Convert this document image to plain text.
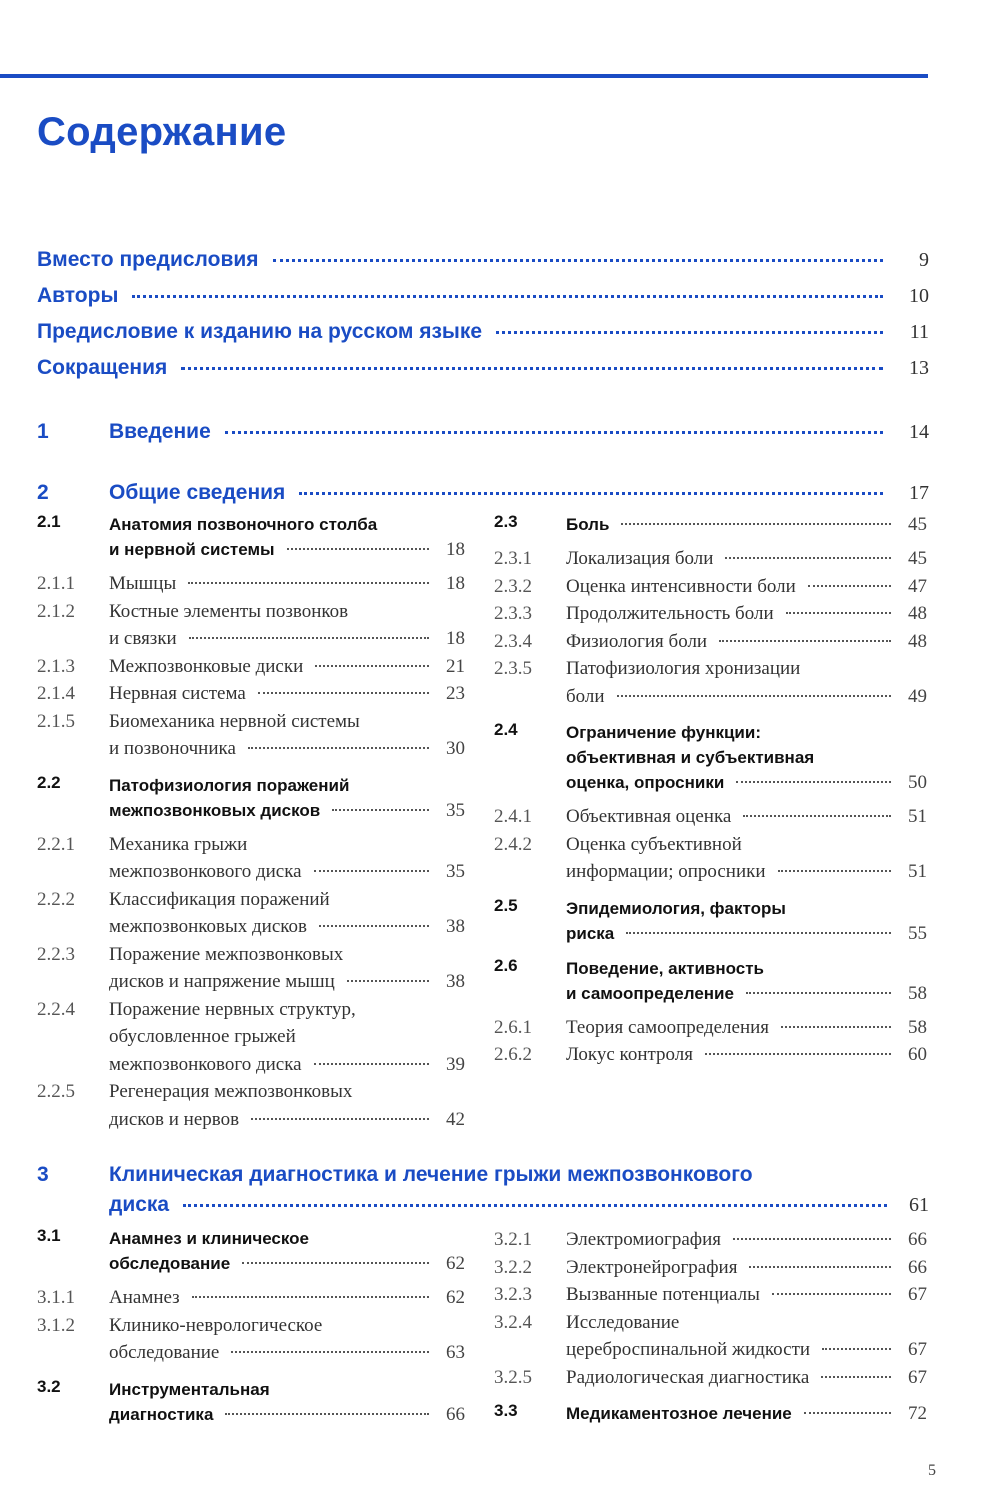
Содержание
Вместо предисловия	9
Авторы	10
Предисловие к изданию на русском языке	11
Сокращения	13
1	Введение	14
2	Общие сведения	17
2.1	Анатомия позвоночного столба
и нервной системы	18
2.1.1	Мышцы	18
2.1.2	Костные элементы позвонков
и связки	18
2.1.3	Межпозвонковые диски	21
2.1.4	Нервная система	23
2.1.5	Биомеханика нервной системы
и позвоночника	30
2.2	Патофизиология поражений
межпозвонковых дисков	35
2.2.1	Механика грыжи
межпозвонкового диска	35
2.2.2	Классификация поражений
межпозвонковых дисков	38
2.2.3	Поражение межпозвонковых
дисков и напряжение мышц	38
2.2.4	Поражение нервных структур,
обусловленное грыжей
межпозвонкового диска	39
2.2.5	Регенерация межпозвонковых
дисков и нервов	42
2.3	Боль	45
2.3.1	Локализация боли	45
2.3.2	Оценка интенсивности боли	47
2.3.3	Продолжительность боли	48
2.3.4	Физиология боли	48
2.3.5	Патофизиология хронизации
боли	49
2.4	Ограничение функции:
объективная и субъективная
оценка, опросники	50
2.4.1	Объективная оценка	51
2.4.2	Оценка субъективной
информации; опросники	51
2.5	Эпидемиология, факторы
риска	55
2.6	Поведение, активность
и самоопределение	58
2.6.1	Теория самоопределения	58
2.6.2	Локус контроля	60
3	Клиническая диагностика и лечение грыжи межпозвонкового
диска	61
3.1	Анамнез и клиническое
обследование	62
3.1.1	Анамнез	62
3.1.2	Клинико-неврологическое
обследование	63
3.2	Инструментальная
диагностика	66
3.2.1	Электромиография	66
3.2.2	Электронейрография	66
3.2.3	Вызванные потенциалы	67
3.2.4	Исследование
цереброспинальной жидкости	67
3.2.5	Радиологическая диагностика	67
3.3	Медикаментозное лечение	72
5
